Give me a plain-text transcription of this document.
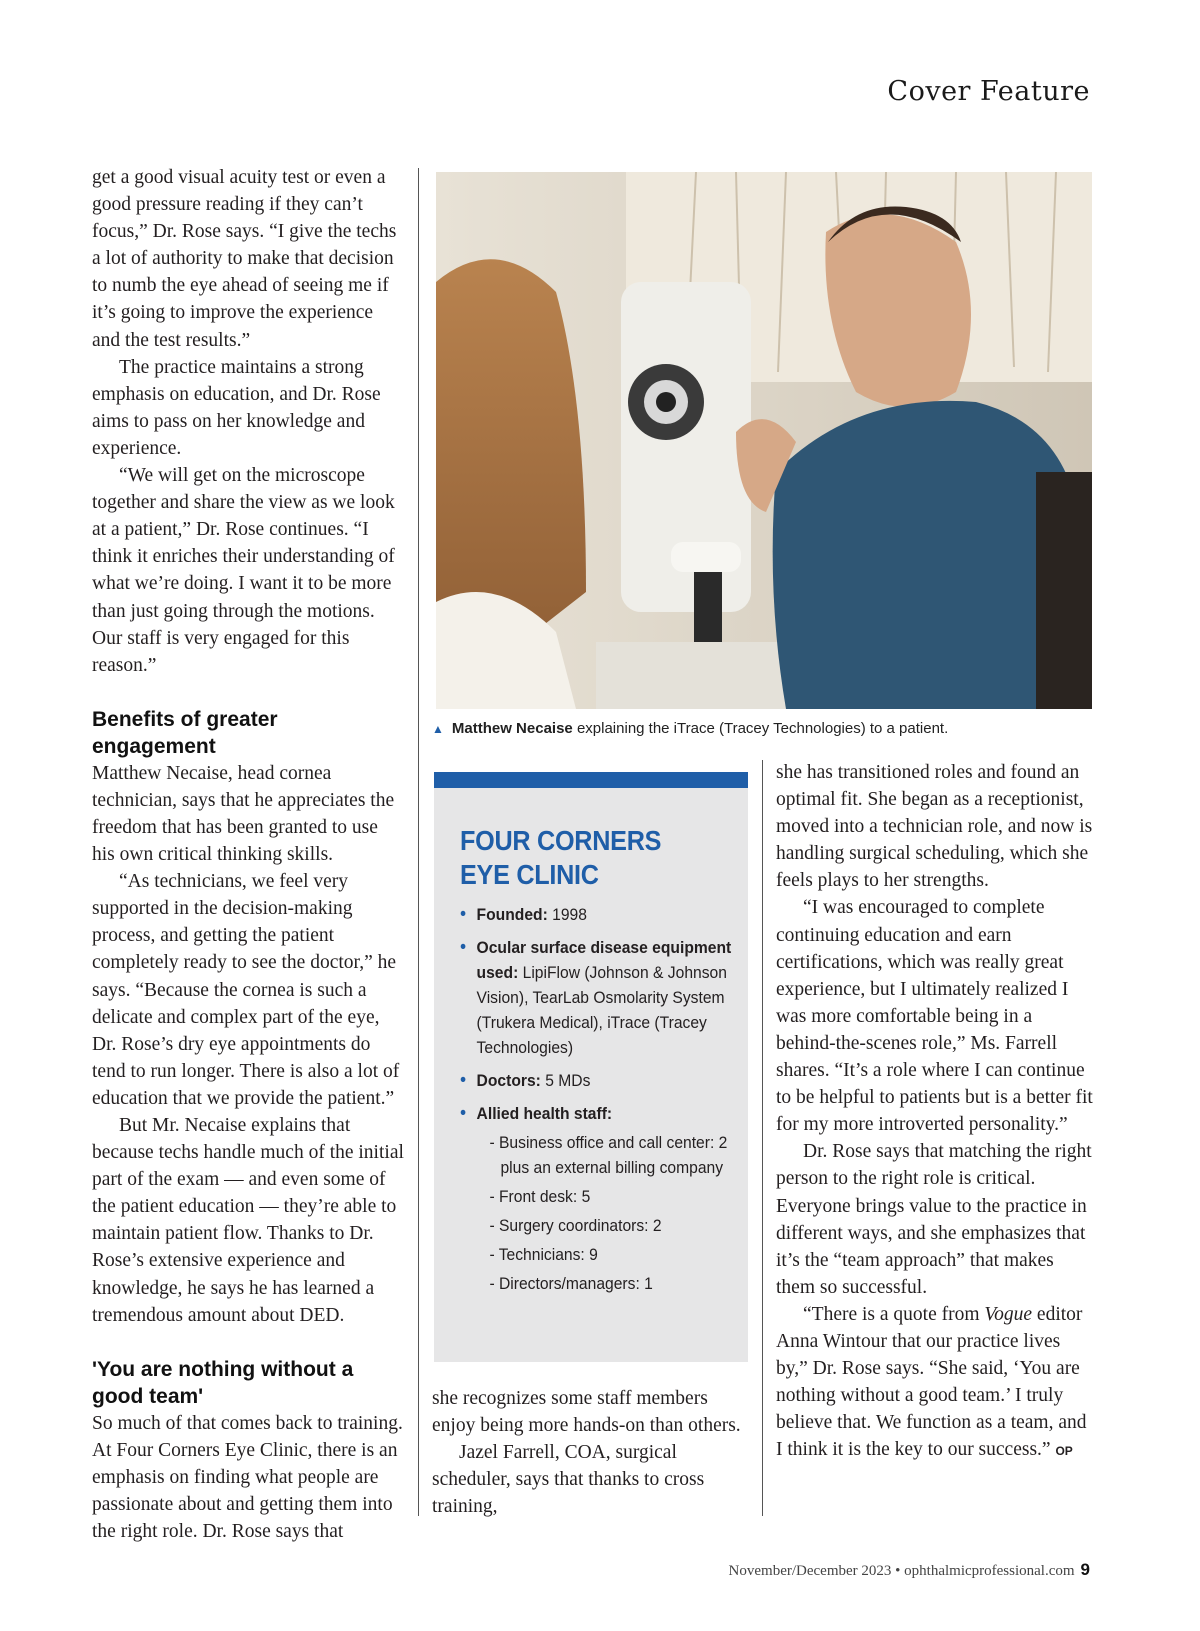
Cover Feature

get a good visual acuity test or even a good pressure reading if they can’t focus,” Dr. Rose says. “I give the techs a lot of authority to make that decision to numb the eye ahead of seeing me if it’s going to improve the experience and the test results.”

The practice maintains a strong emphasis on education, and Dr. Rose aims to pass on her knowledge and experience.

“We will get on the microscope together and share the view as we look at a patient,” Dr. Rose continues. “I think it enriches their understanding of what we’re doing. I want it to be more than just going through the motions. Our staff is very engaged for this reason.”

Benefits of greater engagement

Matthew Necaise, head cornea technician, says that he appreciates the freedom that has been granted to use his own critical thinking skills.

“As technicians, we feel very supported in the decision-making process, and getting the patient completely ready to see the doctor,” he says. “Because the cornea is such a delicate and complex part of the eye, Dr. Rose’s dry eye appointments do tend to run longer. There is also a lot of education that we provide the patient.”

But Mr. Necaise explains that because techs handle much of the initial part of the exam — and even some of the patient education — they’re able to maintain patient flow. Thanks to Dr. Rose’s extensive experience and knowledge, he says he has learned a tremendous amount about DED.

'You are nothing without a good team'

So much of that comes back to training. At Four Corners Eye Clinic, there is an emphasis on finding what people are passionate about and getting them into the right role. Dr. Rose says that

▲ Matthew Necaise explaining the iTrace (Tracey Technologies) to a patient.
FOUR CORNERS
EYE CLINIC
• Founded: 1998
• Ocular surface disease equipment used: LipiFlow (Johnson & Johnson Vision), TearLab Osmolarity System (Trukera Medical), iTrace (Tracey Technologies)
• Doctors: 5 MDs
• Allied health staff:
- Business office and call center: 2 plus an external billing company
- Front desk: 5
- Surgery coordinators: 2
- Technicians: 9
- Directors/managers: 1

she recognizes some staff members enjoy being more hands-on than others.

Jazel Farrell, COA, surgical scheduler, says that thanks to cross training,

she has transitioned roles and found an optimal fit. She began as a receptionist, moved into a technician role, and now is handling surgical scheduling, which she feels plays to her strengths.

“I was encouraged to complete continuing education and earn certifications, which was really great experience, but I ultimately realized I was more comfortable being in a behind-the-scenes role,” Ms. Farrell shares. “It’s a role where I can continue to be helpful to patients but is a better fit for my more introverted personality.”

Dr. Rose says that matching the right person to the right role is critical. Everyone brings value to the practice in different ways, and she emphasizes that it’s the “team approach” that makes them so successful.

“There is a quote from Vogue editor Anna Wintour that our practice lives by,” Dr. Rose says. “She said, ‘You are nothing without a good team.’ I truly believe that. We function as a team, and I think it is the key to our success.” OP

November/December 2023 • ophthalmicprofessional.com 9
